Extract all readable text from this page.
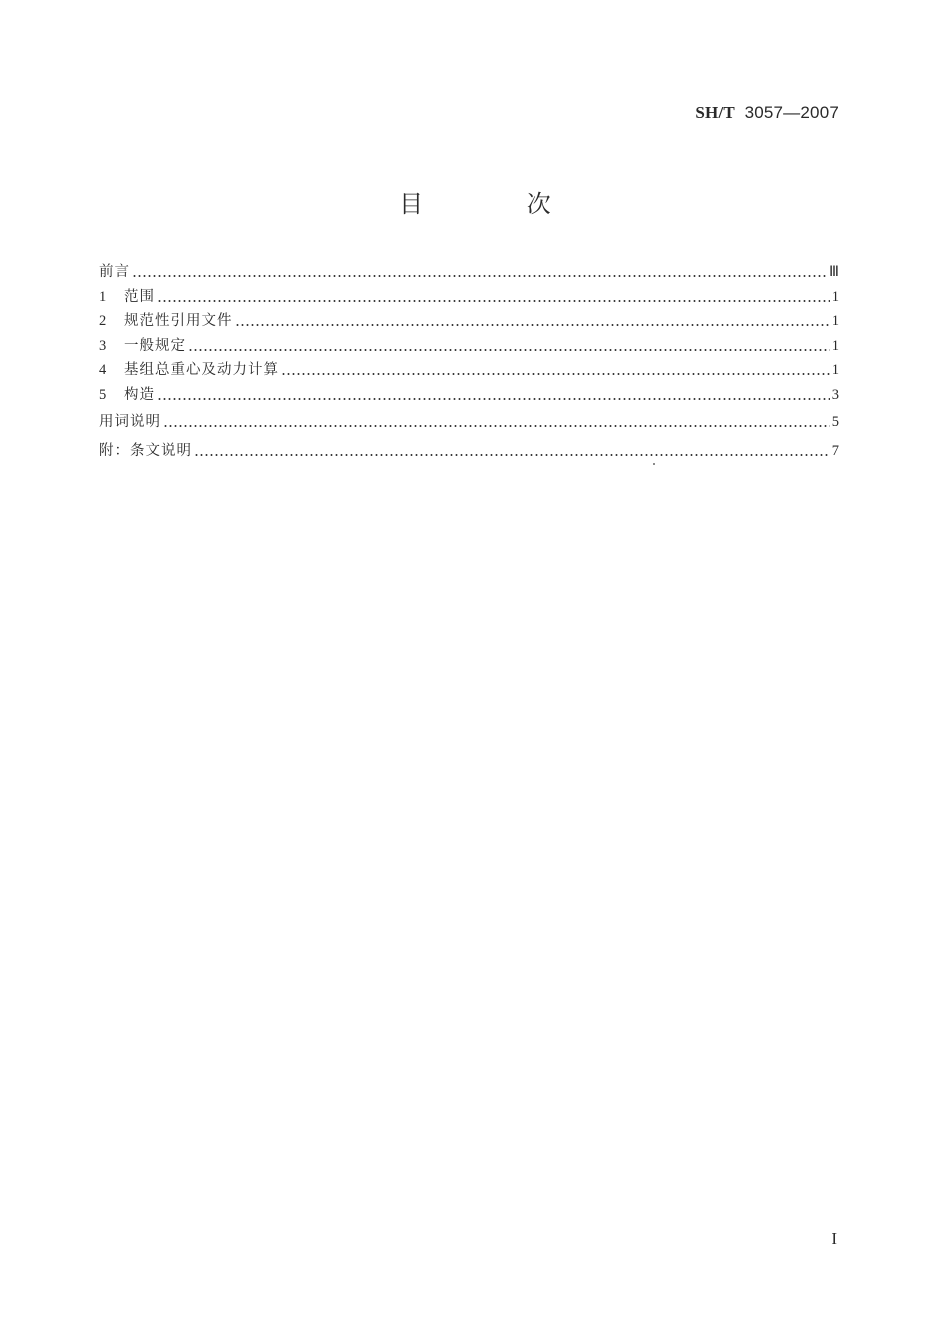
SH/T 3057—2007
目 次
前言	Ⅲ
1	范围	1
2	规范性引用文件	1
3	一般规定	1
4	基组总重心及动力计算	1
5	构造	3
用词说明	5
附：条文说明	7
I
